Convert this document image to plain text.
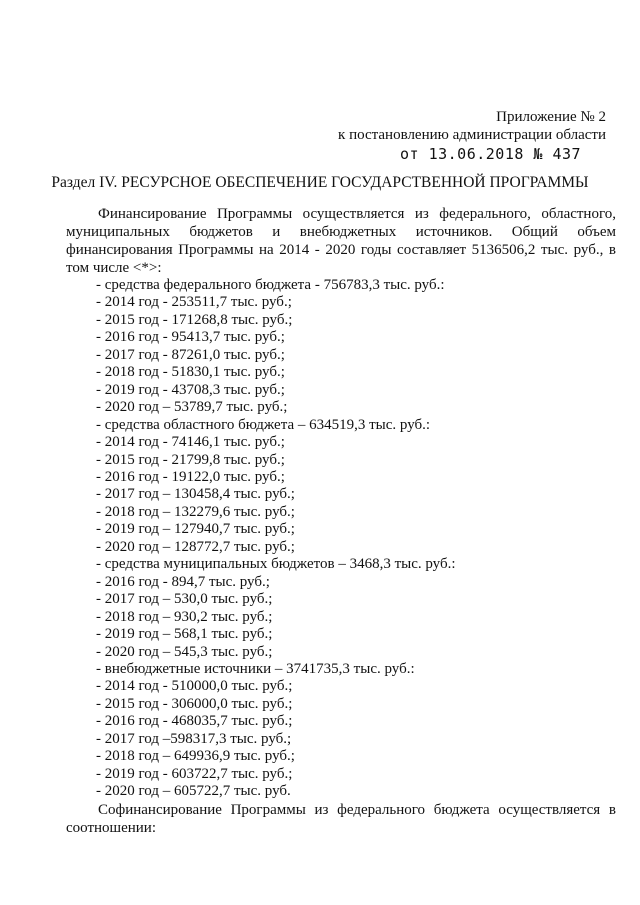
Приложение № 2
к постановлению администрации области
от 13.06.2018 № 437
Раздел IV. РЕСУРСНОЕ ОБЕСПЕЧЕНИЕ ГОСУДАРСТВЕННОЙ ПРОГРАММЫ

Финансирование Программы осуществляется из федерального, областного, муниципальных бюджетов и внебюджетных источников. Общий объем финансирования Программы на 2014 - 2020 годы составляет 5136506,2 тыс. руб., в том числе <*>:

- средства федерального бюджета - 756783,3 тыс. руб.:
- 2014 год - 253511,7 тыс. руб.;
- 2015 год - 171268,8 тыс. руб.;
- 2016 год - 95413,7 тыс. руб.;
- 2017 год - 87261,0 тыс. руб.;
- 2018 год - 51830,1 тыс. руб.;
- 2019 год - 43708,3 тыс. руб.;
- 2020 год – 53789,7 тыс. руб.;
- средства областного бюджета – 634519,3 тыс. руб.:
- 2014 год - 74146,1 тыс. руб.;
- 2015 год - 21799,8 тыс. руб.;
- 2016 год - 19122,0 тыс. руб.;
- 2017 год – 130458,4 тыс. руб.;
- 2018 год – 132279,6 тыс. руб.;
- 2019 год – 127940,7 тыс. руб.;
- 2020 год – 128772,7 тыс. руб.;
- средства муниципальных бюджетов – 3468,3 тыс. руб.:
- 2016 год - 894,7 тыс. руб.;
- 2017 год – 530,0 тыс. руб.;
- 2018 год – 930,2 тыс. руб.;
- 2019 год – 568,1 тыс. руб.;
- 2020 год – 545,3 тыс. руб.;
- внебюджетные источники – 3741735,3 тыс. руб.:
- 2014 год - 510000,0 тыс. руб.;
- 2015 год - 306000,0 тыс. руб.;
- 2016 год - 468035,7 тыс. руб.;
- 2017 год –598317,3 тыс. руб.;
- 2018 год – 649936,9 тыс. руб.;
- 2019 год - 603722,7 тыс. руб.;
- 2020 год – 605722,7 тыс. руб.

Софинансирование Программы из федерального бюджета осуществляется в соотношении:
